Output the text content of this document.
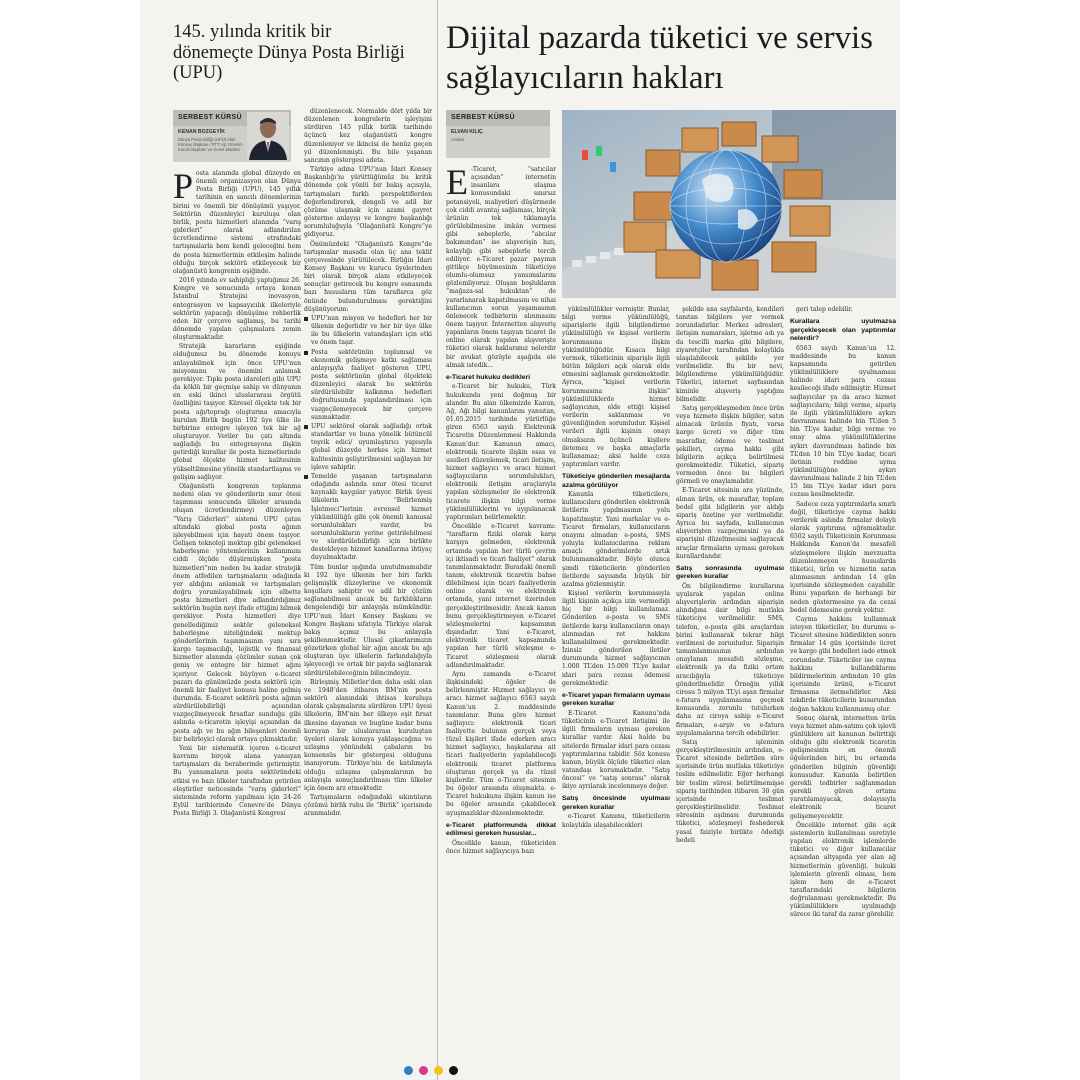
145. yılında kritik bir dönemeçte Dünya Posta Birliği (UPU)
SERBEST KÜRSÜ
KENAN BOZGEYİK
Dünya Posta Birliği (UPU) İdari Konsey Başkanı / PTT AŞ Yönetim Kurulu Başkanı ve Genel Müdürü

Posta alanında global düzeyde en önemli organizasyon olan Dünya Posta Birliği (UPU), 145 yıllık tarihinin en sancılı dönemlerinin birini ve önemli bir dönüşümü yaşıyor. Sektörün düzenleyici kuruluşu olan birlik, posta hizmetleri alanında “varış giderleri” olarak adlandırılan ücretlendirme sistemi etrafındaki tartışmalarla hem kendi geleceğini hem de posta hizmetlerinin etkileşim halinde olduğu birçok sektörü etkileyecek bir olağanüstü kongrenin eşiğinde.

2016 yılında ev sahipliği yaptığımız 26. Kongre ve sonucunda ortaya konan İstanbul Stratejisi inovasyon, entegrasyon ve kapsayıcılık ilkeleriyle sektörün yapacağı dönüşüme rehberlik eden bir çerçeve sağlamış, bu tarihi dönemde yapılan çalışmalara zemin oluşturmaktadır.

Stratejik kararların eşiğinde olduğumuz bu dönemde konuyu anlayabilmek için önce UPU’nun misyonunu ve önemini anlamak gerekiyor. Tıpkı posta idareleri gibi UPU da köklü bir geçmişe sahip ve dünyanın en eski ikinci uluslararası örgütü özelliğini taşıyor. Küresel ölçekte tek bir posta ağı/toprağı oluşturma amacıyla kurulan Birlik bugün 192 üye ülke ile birbirine entegre işleyen tek bir ağ oluşturuyor. Veriler bu çatı altında sağladığı bu entegrasyona ilişkin getirdiği kurallar ile posta hizmetlerinde global ölçekte hizmet kalitesinin yükseltilmesine yönelik standartlaşma ve gelişim sağlıyor.

Olağanüstü kongrenin toplanma nedeni olan ve gönderilerin sınır ötesi taşınması sonucunda ülkeler arasında oluşan ücretlendirmeyi düzenleyen “Varış Giderleri” sistemi UPU çatısı altındaki global posta ağının işleyebilmesi için hayati önem taşıyor. Gelişen teknoloji mektup gibi geleneksel haberleşme yöntemlerinin kullanımını ciddi ölçüde düşürmüşken “posta hizmetleri”nin neden bu kadar stratejik önem atfedilen tartışmaların odağında yer aldığını anlamak ve tartışmaları doğru yorumlayabilmek için elbette posta hizmetleri diye adlandırdığımız sektörün bugün neyi ifade ettiğini bilmek gerekiyor. Posta hizmetleri diye genellediğimiz sektör geleneksel haberleşme niteliğindeki mektup gönderilerinin taşınmasının yanı sıra kargo taşımacılığı, lojistik ve finansal hizmetler alanında çözümler sunan çok geniş ve entegre bir hizmet ağını içeriyor. Gelecek büyüyen e-ticaret pazarı da günümüzde posta sektörü için önemli bir faaliyet konusu haline gelmiş durumda. E-ticaret sektörü posta ağının sürdürülebilirliği açısından vazgeçilmeyecek fırsatlar sunduğu gibi aslında e-ticaretin işleyişi açısından da posta ağı ve bu ağın bileşenleri önemli bir belirleyici olarak ortaya çıkmaktadır.

Yeni bir sistematik içeren e-ticaret kavramı birçok alana yansıyan tartışmaları da beraberinde getirmiştir. Bu yansımaların posta sektöründeki etkisi ve bazı ülkeler tarafından getirilen eleştiriler neticesinde “varış giderleri” sisteminde reform yapılması için 24-26 Eylül tarihlerinde Cenevre’de Dünya Posta Birliği 3. Olağanüstü Kongresi

düzenlenecek. Normalde dört yılda bir düzenlenen kongrelerin işleyişini sürdüren 145 yıllık birlik tarihinde üçüncü kez olağanüstü kongre düzenleniyor ve ikincisi de henüz geçen yıl düzenlenmişti. Bu bile yaşanan sancının göstergesi adeta.

Türkiye adına UPU’nun İdari Konsey Başkanlığı’nı yürüttüğümüz bu kritik dönemde çok yönlü bir bakış açısıyla, tartışmaları farklı perspektiflerden değerlendirerek, dengeli ve adil bir çözüme ulaşmak için azami gayret gösterme anlayışı ve kongre başkanlığı sorumluluğuyla “Olağanüstü Kongre”ye gidiyoruz.

Önümüzdeki “Olağanüstü Kongre”de tartışmalar masada olan üç ana teklif çerçevesinde yürütülecek. Birliğin İdari Konsey Başkanı ve kurucu üyelerinden biri olarak birçok alanı etkileyecek sonuçlar getirecek bu kongre esnasında bazı hususların tüm taraflarca göz önünde bulundurulması gerektiğini düşünüyorum:

UPU’nun misyon ve hedefleri her bir ülkenin değerlidir ve her bir üye ülke ile bu ülkelerin vatandaşları için etki ve önem taşır.

Posta sektörünün toplumsal ve ekonomik gelişmeye katkı sağlaması anlayışıyla faaliyet gösteren UPU, posta sektörünün global ölçekteki düzenleyici olarak bu sektörün sürdürülebilir kalkınma hedefleri doğrultusunda yapılandırılması için vazgeçilemeyecek bir çerçeve sunmaktadır.

UPU sektörel olarak sağladığı ortak standartlar ve buna yönelik bütüncül teşvik edici/ uyumlaştırıcı yapısıyla global düzeyde herkes için hizmet kalitesinin geliştirilmesini sağlayan bir işleve sahiptir.

Temelde yaşanan tartışmaların odağında aslında sınır ötesi ticaret kaynaklı kaygılar yatıyor. Birlik üyesi ülkelerin “Belirlenmiş İşletmeci”lerinin evrensel hizmet yükümlülüğü gibi çok önemli kamusal sorumlulukları vardır, bu sorumlulukların yerine getirilebilmesi ve sürdürülebilirliği için birlikte destekleyen hizmet kanallarına ihtiyaç duyulmaktadır.

Tüm bunlar ışığında unutulmamalıdır ki 192 üye ülkenin her biri farklı gelişmişlik düzeylerine ve ekonomik koşullara sahiptir ve adil bir çözüm sağlanabilmesi ancak bu farklılıkların dengelendiği bir anlayışla mümkündür. UPU’nun İdari Konsey Başkanı ve Kongre Başkanı sıfatıyla Türkiye olarak bakış açımız bu anlayışla şekillenmektedir. Ulusal çıkarlarımızın gözetirken global bir ağın ancak bu ağı oluşturan üye ülkelerin farkındalığıyla işleyeceği ve ortak bir payda sağlanarak sürdürülebileceğinin bilincindeyiz.

Birleşmiş Milletler’den daha eski olan ve 1948’den itibaren BM’nin posta sektörü alanındaki ihtisas kuruluşu olarak çalışmalarını sürdüren UPU üyesi ülkelerin, BM’nin her ülkeye eşit fırsat ilkesine dayanan ve bugüne kadar buna koruyan bir uluslararası kuruluştan üyeleri olarak konuya yaklaşacağına ve uzlaşma yönündeki çabaların bu konsensüs bir göstergesi olduğuna inanıyorum. Türkiye’nin de katılımıyla olduğu uzlaşma çalışmalarının bu anlayışla sonuçlandırılması tüm ülkeler için önem arz etmektedir.

Tartışmaların odağındaki sıkıntıların çözümü birlik ruhu ile “Birlik” içerisinde aranmalıdır.

Dijital pazarda tüketici ve servis sağlayıcıların hakları
SERBEST KÜRSÜ
ELVAN KILIÇ
Avukat

E -Ticaret, “satıcılar açısından” internetin insanlara ulaşma konusundaki sınırsız potansiyeli, maliyetleri düşürmede çok ciddi avantaj sağlaması, birçok ürünün tek tıklamayla görülebilmesine imkân vermesi gibi sebeplerle, “alıcılar bakımından” ise alışverişin hızı, kolaylığı gibi sebeplerle tercih ediliyor. e-Ticaret pazar payının gittikçe büyümesinin tüketiciye olumlu-olumsuz yansımalarını gözlemliyoruz. Oluşan boşlukların “mağaza-sal hukuktan” de yararlanarak kapatılmasını ve nihai kullanıcının sorun yaşamasının önlenecek tedbirlerin alınmasını önem taşıyor. İnternetten alışveriş yapanların önem taşıyan ticaret ile online olarak yapılan alışverişte tüketici olarak haklarımız nelerdir bir avukat gözüyle aşağıda ele almak istedik...

e-Ticaret hukuku dedikleri

e-Ticaret bir hukuku, Türk hukukunda yeni doğmuş bir alandır. Bu alan ülkemizde Kanun, Ağ, Ağı bilgi kanunlarını yansıtan, 01.05.2015 tarihinde yürürlüğe giren 6563 sayılı Elektronik Ticaretin Düzenlenmesi Hakkında Kanun’dur. Kanunun amacı, elektronik ticarete ilişkin esas ve usulleri düzenlemek, ticari iletişim, hizmet sağlayıcı ve aracı hizmet sağlayıcıların sorumlulukları, elektronik iletişim araçlarıyla yapılan sözleşmeler ile elektronik ticarete ilişkin bilgi verme yükümlülüklerini ve uygulanacak yaptırımları belirlemektir.

Öncelikle e-Ticaret kavramı: “tarafların fiziki olarak karşı karşıya gelmeden, elektronik ortamda yapılan her türlü çevrim içi iktisadi ve ticari faaliyet” olarak tanımlanmaktadır. Buradaki önemli tanım, elektronik ticaretin bahse dilebilmesi için ticari faaliyetlerin online olarak ve elektronik ortamda, yani internet üzerinden gerçekleştirilmesidir. Ancak kanun bunu gerçekleştirmeyen e-Ticaret sözleşmelerini kapsamının dışındadır. Yani e-Ticaret, elektronik ticaret kapsamında yapılan her türlü sözleşme e-Ticaret sözleşmesi olarak adlandırılmaktadır.

Aynı zamanda e-Ticaret ilişkisindeki öğeler de belirlenmiştir. Hizmet sağlayıcı ve aracı hizmet sağlayıcı 6563 sayılı Kanun’un 2. maddesinde tanımlanır. Buna göre hizmet sağlayıcı: elektronik ticari faaliyette bulunan gerçek veya tüzel kişileri ifade ederken aracı hizmet sağlayıcı, başkalarına ait ticari faaliyetlerin yapılabileceği elektronik ticaret platformu oluşturan gerçek ya da tüzel kişilerdir. Tüm e-Ticaret sitesinin bu öğeler arasında oluşmakta. e-Ticaret hukukuna ilişkin kanun ise bu öğeler arasında çıkabilecek uyuşmazlıklar düzenlemektedir.

e-Ticaret platformunda dikkat edilmesi gereken hususlar...

Öncelikle kanun, tüketiciden önce hizmet sağlayıcıya bazı

yükümlülükler vermiştir. Bunlar, bilgi verme yükümlülüğü, siparişlerle ilgili bilgilendirme yükümlülüğü ve kişisel verilerin korunmasına ilişkin yükümlülüğüdür. Kısaca bilgi vermek, tüketicinin siparişle ilgili bütün bilgileri açık olarak elde etmesini sağlamak gerekmektedir. Ayrıca, “kişisel verilerin korunmasına ilişkin” yükümlülüklerde hizmet sağlayıcının, elde ettiği kişisel verilerin saklanması ve güvenliğinden sorumludur. Kişisel verileri ilgili kişinin onayı olmaksızın üçüncü kişilere iletemez ve başka amaçlarla kullanamaz; aksi halde ceza yaptırımları vardır.

Tüketiciye gönderilen mesajlarda azalma görülüyor

Kanunla tüketicilere, kullanıcılara gönderilen elektronik iletilerin yapılmasının yolu kapatılmıştır. Yani markalar ve e-Ticaret firmaları, kullanıcıların onayını almadan e-posta, SMS yoluyla kullanıcılarına reklam amaçlı gönderimlerde artık bulunmamaktadır. Böyle olunca şimdi tüketicilerin gönderilen iletilerde sayısında büyük bir azalma gözlenmiştir.

Kişisel verilerin korunmasıyla ilgili kişinin açıkça izin vermediği hiç bir bilgi kullanılamaz. Gönderilen e-posta ve SMS iletilerde karşı kullanıcıların onayı alınmadan ret hakkını kullanabilmesi gerekmektedir. İzinsiz gönderilen iletiler durumunda hizmet sağlayıcının 1.000 TL’den 15.000 TL’ye kadar idari para cezası ödemesi gerekmektedir.

e-Ticaret yapan firmaların uyması gereken kurallar

E-Ticaret Kanunu’nda tüketicinin e-Ticaret iletişimi ile ilgili firmaların uyması gereken kurallar vardır. Aksi halde bu sitelerde firmalar idari para cezası yaptırımlarına tabidir. Söz konusu kanun, büyük ölçüde tüketici olan vatandaşı korumaktadır. “Satış öncesi” ve “satış sonrası” olarak ikiye ayrılarak incelenmeye değer.

Satış öncesinde uyulması gereken kurallar

e-Ticaret Kanunu, tüketicilerin kolaylıkla ulaşabilecekleri

şekilde ana sayfalarda, kendileri tanıtan bilgilere yer vermek zorundadırlar. Merkez adresleri, iletişim numaraları, işletme adı ya da tescilli marka gibi bilgilere, ziyaretçiler tarafından kolaylıkla ulaşılabilecek şekilde yer verilmelidir. Bu bir nevi, bilgilendirme yükümlülüğüdür. Tüketici, internet sayfasından kiminle alışveriş yaptığını bilmelidir.

Satış gerçekleşmeden önce ürün veya hizmete ilişkin bilgiler, satın alınacak ürünün fiyatı, varsa kargo ücreti ve diğer tüm masraflar, ödeme ve teslimat şekilleri, cayma hakkı gibi bilgilerin açıkça belirtilmesi gerekmektedir. Tüketici, sipariş vermeden önce bu bilgileri görmeli ve onaylamalıdır.

E-Ticaret sitesinin ara yüzünde, alınan ürün, ek masraflar, toplam bedel gibi bilgilerin yer aldığı sipariş özetine yer verilmelidir. Ayrıca bu sayfada, kullanıcının alışverişten vazgeçmesini ya da siparişini düzeltmesini sağlayacak araçlar firmaların uyması gereken kurallardandır.

Satış sonrasında uyulması gereken kurallar

Ön bilgilendirme kurallarına uyularak yapılan online alışverişlerin ardından siparişin alındığına dair bilgi mutlaka tüketiciye verilmelidir. SMS, telefon, e-posta gibi araçlardan birini kullanarak tekrar bilgi verilmesi de zorunludur. Siparişin tamamlanmasının ardından onaylanan mesafeli sözleşme, elektronik ya da fiziki ortam aracılığıyla tüketiciye gönderilmelidir. Örneğin yıllık cirosu 5 milyon TL’yi aşan firmalar e-fatura uygulamasına geçmek konusunda zorunlu tutulurken daha az ciroya sahip e-Ticaret firmaları, e-arşiv ve e-fatura uygulamalarına tercih edebilirler.

Satış işleminin gerçekleştirilmesinin ardından, e-Ticaret sitesinde belirtilen süre içerisinde ürün mutlaka tüketiciye teslim edilmelidir. Eğer herhangi bir teslim süresi belirtilmemişse sipariş tarihinden itibaren 30 gün içerisinde teslimat gerçekleştirilmelidir. Teslimat süresinin aşılması durumunda tüketici, sözleşmeyi feshederek yasal faiziyle birlikte ödediği bedeli

geri talep edebilir.

Kurallara uyulmazsa gerçekleşecek olan yaptırımlar nelerdir?

6563 sayılı Kanun’un 12. maddesinde bu kanun kapsamında getirilen yükümlülüklere uyulmaması halinde idari para cezası kesileceği ifade edilmiştir. Hizmet sağlayıcılar ya da aracı hizmet sağlayıcılara; bilgi verme, sipariş ile ilgili yükümlülüklere aykırı davranması halinde bin TL’den 5 bin TL’ye kadar, bilgi verme ve onay alma yükümlülüklerine aykırı davranılması halinde bin TL’den 10 bin TL’ye kadar, ticari iletinin reddine uyma yükümlülüğüne aykırı davranılması halinde 2 bin TL’den 15 bin TL’ye kadar idari para cezası kesilmektedir.

Sadece ceza yaptırımlarla sınırlı değil, tüketiciye cayma hakkı verilerek aslında firmalar dolaylı olarak yaptırıma uğramaktadır. 6502 sayılı Tüketicinin Korunması Hakkında Kanun’da mesafeli sözleşmelere ilişkin mevzuatta düzenlenmeyen hususlarda tüketici, ürün ve hizmetin satın alınmasının ardından 14 gün içerisinde sözleşmeden cayabilir. Bunu yaparken de herhangi bir neden göstermesine ya da cezai bedel ödemesine gerek yoktur.

Cayma hakkını kullanmak isteyen tüketiciler, bu durumu e-Ticaret sitesine bildirdikten sonra firmalar 14 gün içerisinde ücret ve kargo gibi bedelleri iade etmek zorundadır. Tüketiciler ise cayma hakkını kullandıklarını bildirmelerinin ardından 10 gün içerisinde ürünü, e-Ticaret firmasına iletmelidirler. Aksi takdirde tüketicilerin kusurundan doğan hakkını kullanmamış olur.

Sonuç olarak, internetten ürün veya hizmet alım-satımı çok işlevli günlüklere ait kanunun belirttiği olduğu gibi elektronik ticaretin gelişmesinin en önemli öğelerinden biri, bu ortamda gönderilen bilginin güvenliği konusudur. Kanunla belirtilen gerekli tedbirler sağlanmadan gerekli güven ortamı yaratılamayacak, dolayısıyla elektronik ticaret gelişemeyecektir.

Öncelikle internet gibi açık sistemlerin kullanılması suretiyle yapılan elektronik işlemlerde tüketici ve diğer kullanıcılar açısından altyapıda yer alan ağ hizmetlerinin güvenliği, hukuki işlemlerin güvenli olması, hem işlem hem de e-Ticaret taraflarındaki bilgilerin doğrulanması gerekmektedir. Bu yükümlülüklere uyulmadığı sürece iki taraf da zarar görebilir.
